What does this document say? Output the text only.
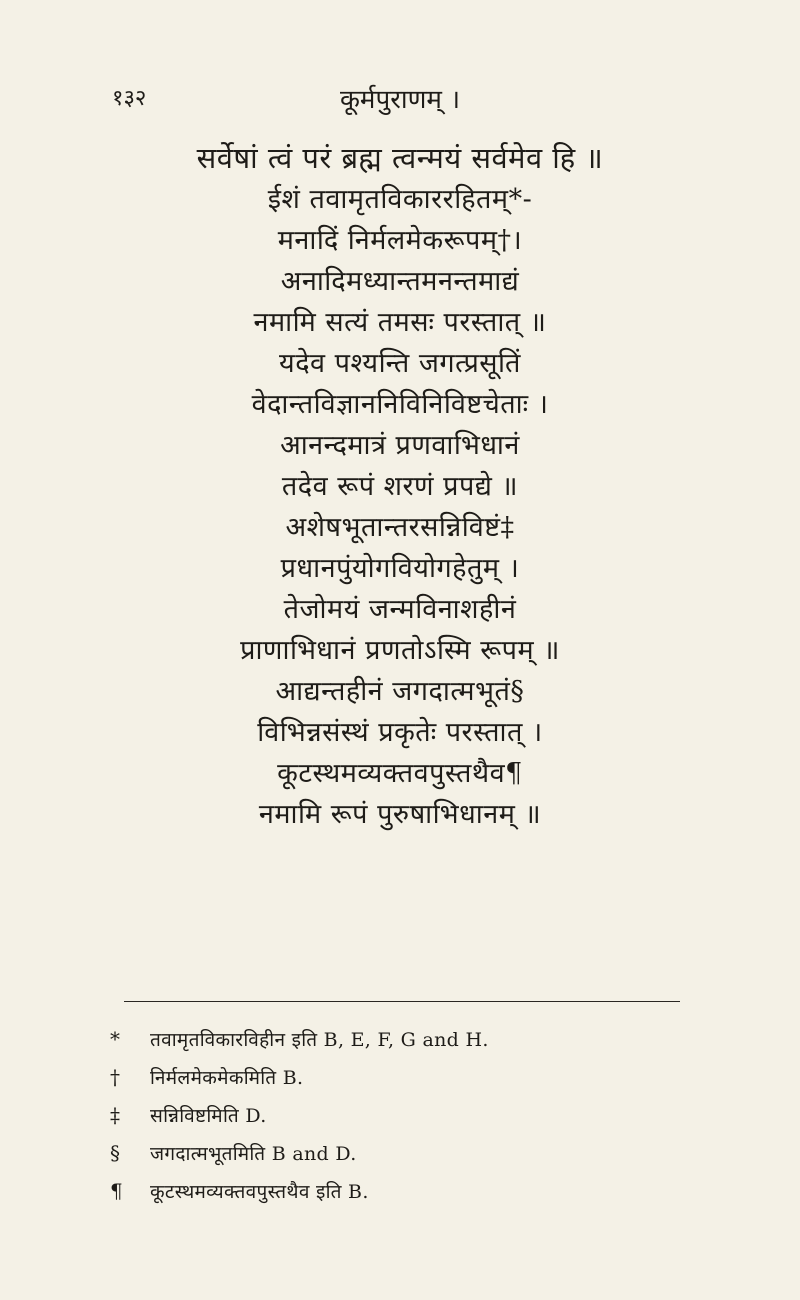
१३२	कूर्मपुराणम् ।
सर्वेषां त्वं परं ब्रह्म त्वन्मयं सर्वमेव हि ॥
ईशं तवामृतविकाररहितम्*-
मनादिं निर्मलमेकरूपम्†।
अनादिमध्यान्तमनन्तमाद्यं
नमामि सत्यं तमसः परस्तात् ॥
यदेव पश्यन्ति जगत्प्रसूतिं
वेदान्तविज्ञाननिविनिविष्टचेताः ।
आनन्दमात्रं प्रणवाभिधानं
तदेव रूपं शरणं प्रपद्ये ॥
अशेषभूतान्तरसन्निविष्टं‡
प्रधानपुंयोगवियोगहेतुम् ।
तेजोमयं जन्मविनाशहीनं
प्राणाभिधानं प्रणतोऽस्मि रूपम् ॥
आद्यन्तहीनं जगदात्मभूतं§
विभिन्नसंस्थं प्रकृतेः परस्तात् ।
कूटस्थमव्यक्तवपुस्तथैव¶
नमामि रूपं पुरुषाभिधानम् ॥
* तवामृतविकारविहीन इति B, E, F, G and H.
† निर्मलमेकमेकमिति B.
‡ सन्निविष्टमिति D.
§ जगदात्मभूतमिति B and D.
¶ कूटस्थमव्यक्तवपुस्तथैव इति B.
